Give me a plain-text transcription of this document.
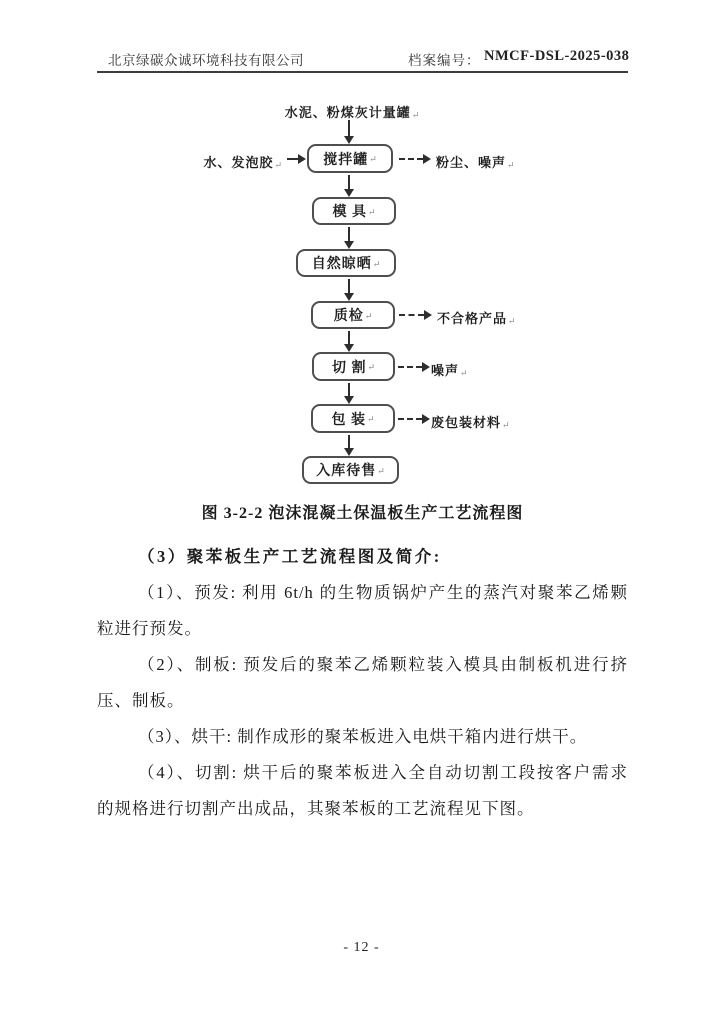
北京绿碳众诚环境科技有限公司	档案编号： NMCF-DSL-2025-038
水泥、粉煤灰计量罐↵
搅拌罐 ↵
模 具 ↵
自然晾晒 ↵
质检 ↵
切 割 ↵
包 装 ↵
入库待售 ↵
水、发泡胶↵	粉尘、噪声↵
不合格产品↵
噪声↵
废包装材料↵
图 3-2-2 泡沫混凝土保温板生产工艺流程图
（3）聚苯板生产工艺流程图及简介:
（1）、预发: 利用 6t/h 的生物质锅炉产生的蒸汽对聚苯乙烯颗
粒进行预发。
（2）、制板: 预发后的聚苯乙烯颗粒装入模具由制板机进行挤
压、制板。
（3）、烘干: 制作成形的聚苯板进入电烘干箱内进行烘干。
（4）、切割: 烘干后的聚苯板进入全自动切割工段按客户需求
的规格进行切割产出成品，其聚苯板的工艺流程见下图。
- 12 -
